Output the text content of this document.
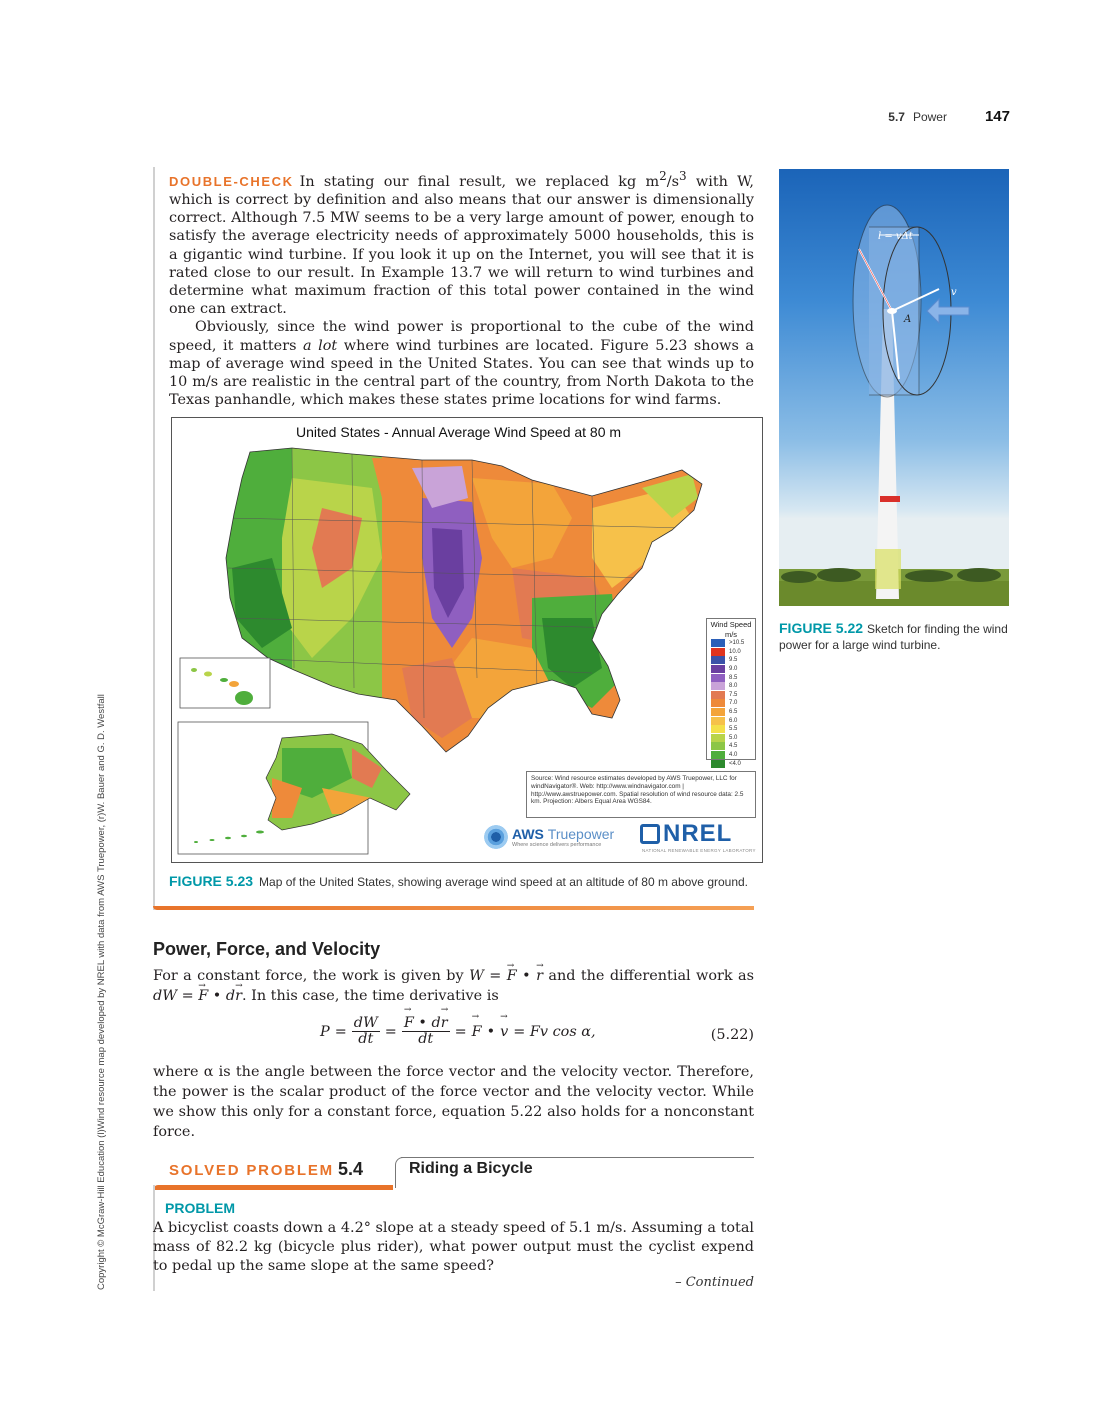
5.7 Power	147
Copyright © McGraw-Hill Education (l)Wind resource map developed by NREL with data from AWS Truepower, (r)W. Bauer and G. D. Westfall

DOUBLE-CHECK In stating our final result, we replaced kg $m^2/s^3$ with W, which is correct by definition and also means that our answer is dimensionally correct. Although 7.5 MW seems to be a very large amount of power, enough to satisfy the average electricity needs of approximately 5000 households, this is a gigantic wind turbine. If you look it up on the Internet, you will see that it is rated close to our result. In Example 13.7 we will return to wind turbines and determine what maximum fraction of this total power contained in the wind one can extract.

Obviously, since the wind power is proportional to the cube of the wind speed, it matters a lot where wind turbines are located. Figure 5.23 shows a map of average wind speed in the United States. You can see that winds up to 10 m/s are realistic in the central part of the country, from North Dakota to the Texas panhandle, which makes these states prime locations for wind farms.

United States - Annual Average Wind Speed at 80 m
Wind Speed
m/s
>10.5
10.0
9.5
9.0
8.5
8.0
7.5
7.0
6.5
6.0
5.5
5.0
4.5
4.0
<4.0
Source: Wind resource estimates developed by AWS Truepower, LLC for windNavigator®. Web: http://www.windnavigator.com | http://www.awstruepower.com. Spatial resolution of wind resource data: 2.5 km. Projection: Albers Equal Area WGS84.
AWS Truepower
Where science delivers performance	NREL
NATIONAL RENEWABLE ENERGY LABORATORY
FIGURE 5.23 Map of the United States, showing average wind speed at an altitude of 80 m above ground.
l = vΔt
v
A
FIGURE 5.22 Sketch for finding the wind power for a large wind turbine.
Power, Force, and Velocity
For a constant force, the work is given by W = → F • → r and the differential work as dW = → F • d→ r. In this case, the time derivative is
$P = \frac{dW}{dt}$ = → $\frac{F • d\to r}{dt}$ = → F • → v = Fv cos α,	(5.22)
where α is the angle between the force vector and the velocity vector. Therefore, the power is the scalar product of the force vector and the velocity vector. While we show this only for a constant force, equation 5.22 also holds for a nonconstant force.
SOLVED PROBLEM 5.4	Riding a Bicycle
PROBLEM
A bicyclist coasts down a 4.2° slope at a steady speed of 5.1 m/s. Assuming a total mass of 82.2 kg (bicycle plus rider), what power output must the cyclist expend to pedal up the same slope at the same speed?
– Continued
